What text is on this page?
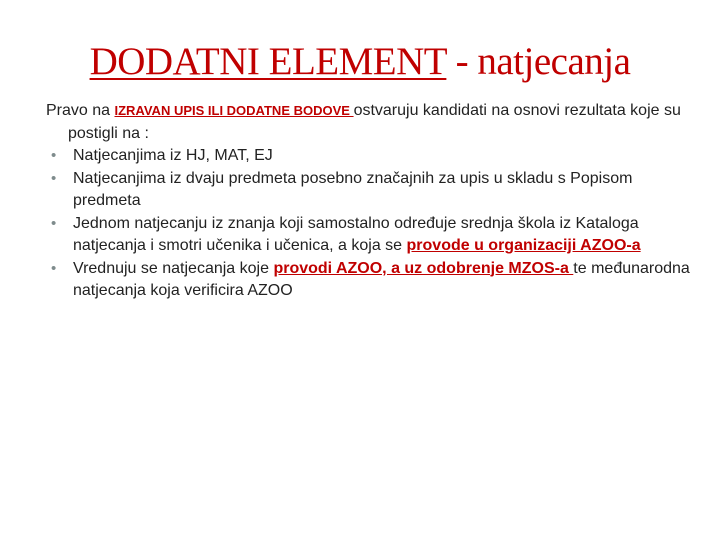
DODATNI ELEMENT - natjecanja

Pravo na IZRAVAN UPIS ILI DODATNE BODOVE ostvaruju kandidati na osnovi rezultata koje su postigli na :

• Natjecanjima iz HJ, MAT, EJ
• Natjecanjima iz dvaju predmeta posebno značajnih za upis u skladu s Popisom predmeta
• Jednom natjecanju iz znanja koji samostalno određuje srednja škola iz Kataloga natjecanja i smotri učenika i učenica, a koja se provode u organizaciji AZOO-a
• Vrednuju se natjecanja koje provodi AZOO, a uz odobrenje MZOS-a te međunarodna natjecanja koja verificira AZOO
